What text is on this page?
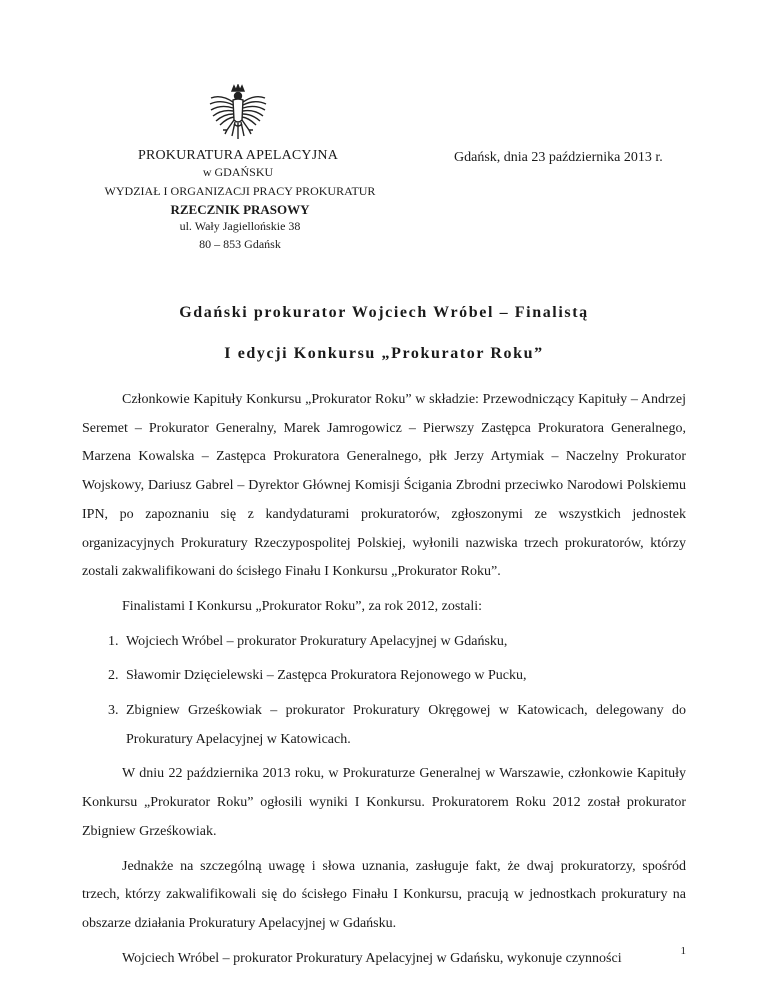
PROKURATURA APELACYJNA
w GDAŃSKU
Gdańsk, dnia 23 października 2013 r.
WYDZIAŁ I ORGANIZACJI PRACY PROKURATUR
RZECZNIK PRASOWY
ul. Wały Jagiellońskie 38
80 – 853 Gdańsk
Gdański prokurator Wojciech Wróbel – Finalistą
I edycji Konkursu „Prokurator Roku”

Członkowie Kapituły Konkursu „Prokurator Roku” w składzie: Przewodniczący Kapituły – Andrzej Seremet – Prokurator Generalny, Marek Jamrogowicz – Pierwszy Zastępca Prokuratora Generalnego, Marzena Kowalska – Zastępca Prokuratora Generalnego, płk Jerzy Artymiak – Naczelny Prokurator Wojskowy, Dariusz Gabrel – Dyrektor Głównej Komisji Ścigania Zbrodni przeciwko Narodowi Polskiemu IPN, po zapoznaniu się z kandydaturami prokuratorów, zgłoszonymi ze wszystkich jednostek organizacyjnych Prokuratury Rzeczypospolitej Polskiej, wyłonili nazwiska trzech prokuratorów, którzy zostali zakwalifikowani do ścisłego Finału I Konkursu „Prokurator Roku”.

Finalistami I Konkursu „Prokurator Roku”, za rok 2012, zostali:

1. Wojciech Wróbel – prokurator Prokuratury Apelacyjnej w Gdańsku,
2. Sławomir Dzięcielewski – Zastępca Prokuratora Rejonowego w Pucku,
3. Zbigniew Grześkowiak – prokurator Prokuratury Okręgowej w Katowicach, delegowany do Prokuratury Apelacyjnej w Katowicach.

W dniu 22 października 2013 roku, w Prokuraturze Generalnej w Warszawie, członkowie Kapituły Konkursu „Prokurator Roku” ogłosili wyniki I Konkursu. Prokuratorem Roku 2012 został prokurator Zbigniew Grześkowiak.

Jednakże na szczególną uwagę i słowa uznania, zasługuje fakt, że dwaj prokuratorzy, spośród trzech, którzy zakwalifikowali się do ścisłego Finału I Konkursu, pracują w jednostkach prokuratury na obszarze działania Prokuratury Apelacyjnej w Gdańsku.

Wojciech Wróbel – prokurator Prokuratury Apelacyjnej w Gdańsku, wykonuje czynności	1
